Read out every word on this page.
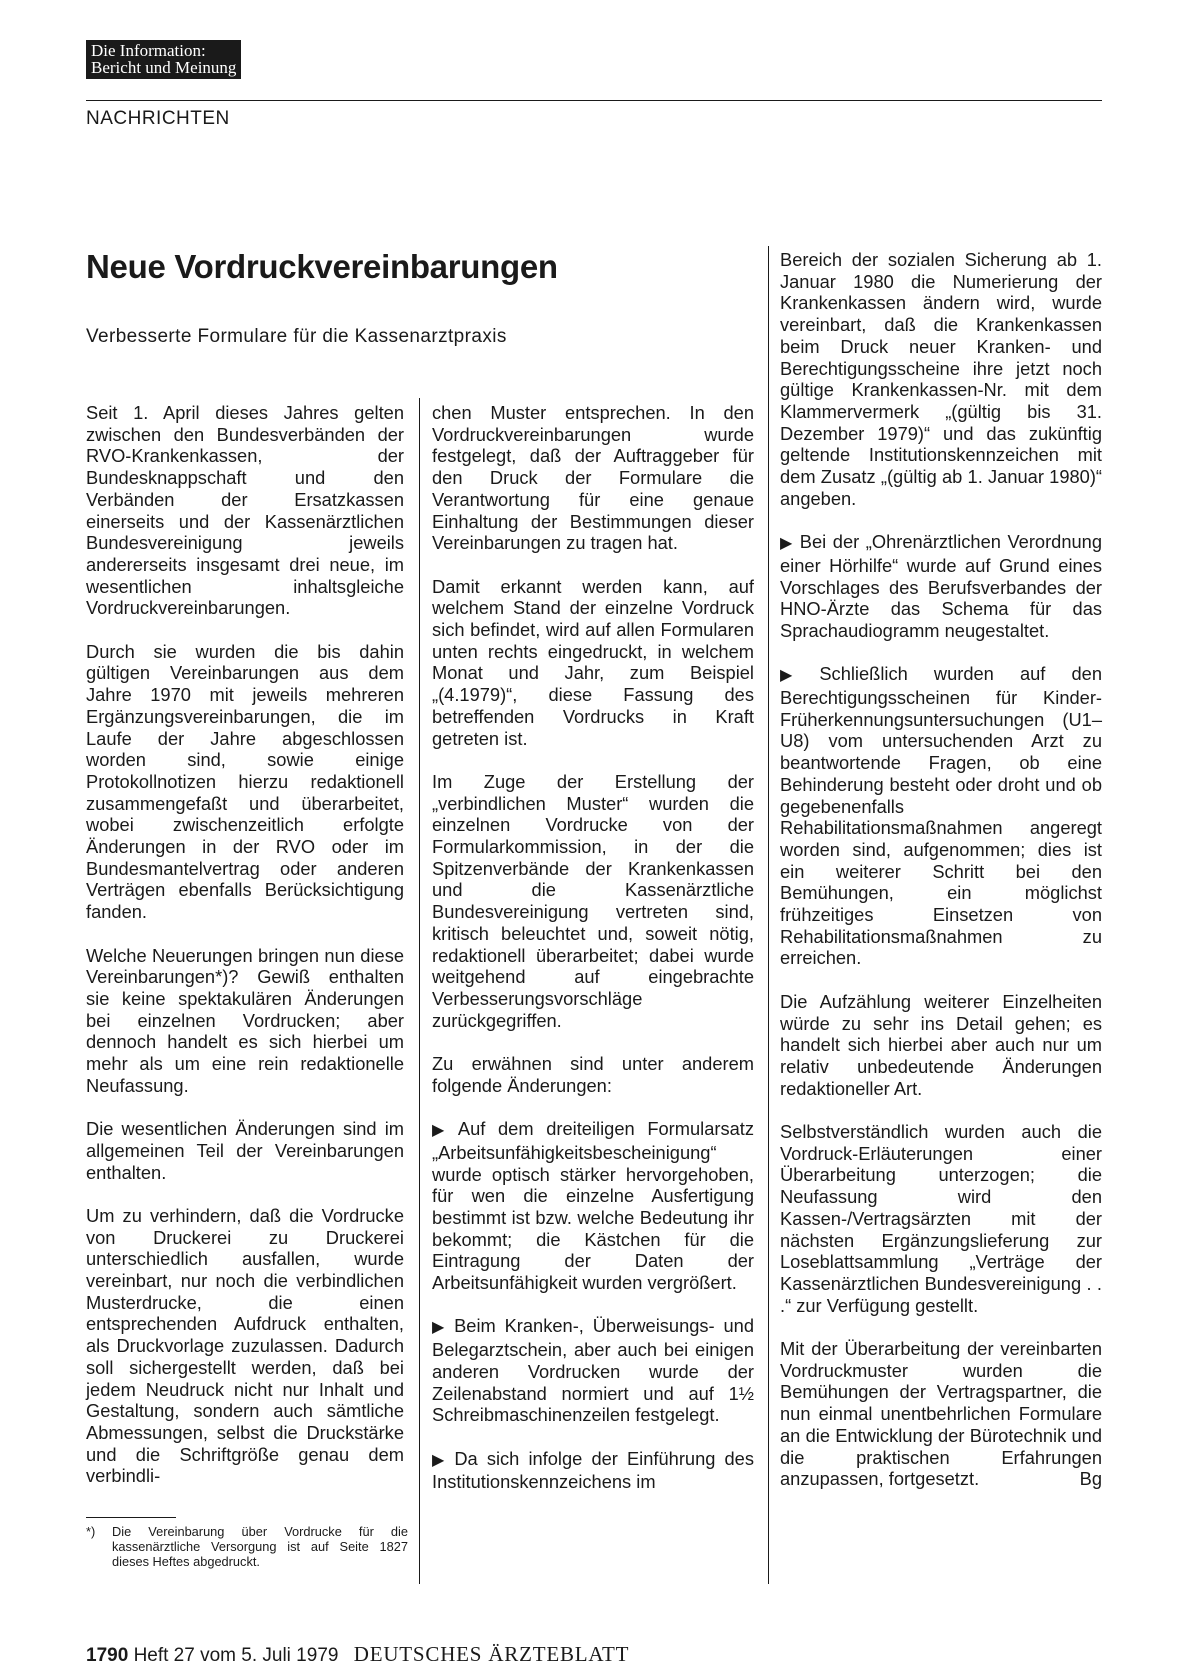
Die Information:
Bericht und Meinung
NACHRICHTEN
Neue Vordruckvereinbarungen
Verbesserte Formulare für die Kassenarztpraxis

Seit 1. April dieses Jahres gelten zwischen den Bundesverbänden der RVO-Krankenkassen, der Bundesknappschaft und den Verbänden der Ersatzkassen einerseits und der Kassenärztlichen Bundesvereinigung jeweils andererseits insgesamt drei neue, im wesentlichen inhaltsgleiche Vordruckvereinbarungen.

Durch sie wurden die bis dahin gültigen Vereinbarungen aus dem Jahre 1970 mit jeweils mehreren Ergänzungsvereinbarungen, die im Laufe der Jahre abgeschlossen worden sind, sowie einige Protokollnotizen hierzu redaktionell zusammengefaßt und überarbeitet, wobei zwischenzeitlich erfolgte Änderungen in der RVO oder im Bundesmantelvertrag oder anderen Verträgen ebenfalls Berücksichtigung fanden.

Welche Neuerungen bringen nun diese Vereinbarungen*)? Gewiß enthalten sie keine spektakulären Änderungen bei einzelnen Vordrucken; aber dennoch handelt es sich hierbei um mehr als um eine rein redaktionelle Neufassung.

Die wesentlichen Änderungen sind im allgemeinen Teil der Vereinbarungen enthalten.

Um zu verhindern, daß die Vordrucke von Druckerei zu Druckerei unterschiedlich ausfallen, wurde vereinbart, nur noch die verbindlichen Musterdrucke, die einen entsprechenden Aufdruck enthalten, als Druckvorlage zuzulassen. Dadurch soll sichergestellt werden, daß bei jedem Neudruck nicht nur Inhalt und Gestaltung, sondern auch sämtliche Abmessungen, selbst die Druckstärke und die Schriftgröße genau dem verbindli-

*) Die Vereinbarung über Vordrucke für die kassenärztliche Versorgung ist auf Seite 1827 dieses Heftes abgedruckt.

chen Muster entsprechen. In den Vordruckvereinbarungen wurde festgelegt, daß der Auftraggeber für den Druck der Formulare die Verantwortung für eine genaue Einhaltung der Bestimmungen dieser Vereinbarungen zu tragen hat.

Damit erkannt werden kann, auf welchem Stand der einzelne Vordruck sich befindet, wird auf allen Formularen unten rechts eingedruckt, in welchem Monat und Jahr, zum Beispiel „(4.1979)“, diese Fassung des betreffenden Vordrucks in Kraft getreten ist.

Im Zuge der Erstellung der „verbindlichen Muster“ wurden die einzelnen Vordrucke von der Formularkommission, in der die Spitzenverbände der Krankenkassen und die Kassenärztliche Bundesvereinigung vertreten sind, kritisch beleuchtet und, soweit nötig, redaktionell überarbeitet; dabei wurde weitgehend auf eingebrachte Verbesserungsvorschläge zurückgegriffen.

Zu erwähnen sind unter anderem folgende Änderungen:

▶ Auf dem dreiteiligen Formularsatz „Arbeitsunfähigkeitsbescheinigung“ wurde optisch stärker hervorgehoben, für wen die einzelne Ausfertigung bestimmt ist bzw. welche Bedeutung ihr bekommt; die Kästchen für die Eintragung der Daten der Arbeitsunfähigkeit wurden vergrößert.

▶ Beim Kranken-, Überweisungs- und Belegarztschein, aber auch bei einigen anderen Vordrucken wurde der Zeilenabstand normiert und auf 1½ Schreibmaschinenzeilen festgelegt.

▶ Da sich infolge der Einführung des Institutionskennzeichens im

Bereich der sozialen Sicherung ab 1. Januar 1980 die Numerierung der Krankenkassen ändern wird, wurde vereinbart, daß die Krankenkassen beim Druck neuer Kranken- und Berechtigungsscheine ihre jetzt noch gültige Krankenkassen-Nr. mit dem Klammervermerk „(gültig bis 31. Dezember 1979)“ und das zukünftig geltende Institutionskennzeichen mit dem Zusatz „(gültig ab 1. Januar 1980)“ angeben.

▶ Bei der „Ohrenärztlichen Verordnung einer Hörhilfe“ wurde auf Grund eines Vorschlages des Berufsverbandes der HNO-Ärzte das Schema für das Sprachaudiogramm neugestaltet.

▶ Schließlich wurden auf den Berechtigungsscheinen für Kinder-Früherkennungsuntersuchungen (U1–U8) vom untersuchenden Arzt zu beantwortende Fragen, ob eine Behinderung besteht oder droht und ob gegebenenfalls Rehabilitationsmaßnahmen angeregt worden sind, aufgenommen; dies ist ein weiterer Schritt bei den Bemühungen, ein möglichst frühzeitiges Einsetzen von Rehabilitationsmaßnahmen zu erreichen.

Die Aufzählung weiterer Einzelheiten würde zu sehr ins Detail gehen; es handelt sich hierbei aber auch nur um relativ unbedeutende Änderungen redaktioneller Art.

Selbstverständlich wurden auch die Vordruck-Erläuterungen einer Überarbeitung unterzogen; die Neufassung wird den Kassen-/Vertragsärzten mit der nächsten Ergänzungslieferung zur Loseblattsammlung „Verträge der Kassenärztlichen Bundesvereinigung . . .“ zur Verfügung gestellt.

Mit der Überarbeitung der vereinbarten Vordruckmuster wurden die Bemühungen der Vertragspartner, die nun einmal unentbehrlichen Formulare an die Entwicklung der Bürotechnik und die praktischen Erfahrungen anzupassen, fortgesetzt.	Bg

1790 Heft 27 vom 5. Juli 1979 DEUTSCHES ÄRZTEBLATT
